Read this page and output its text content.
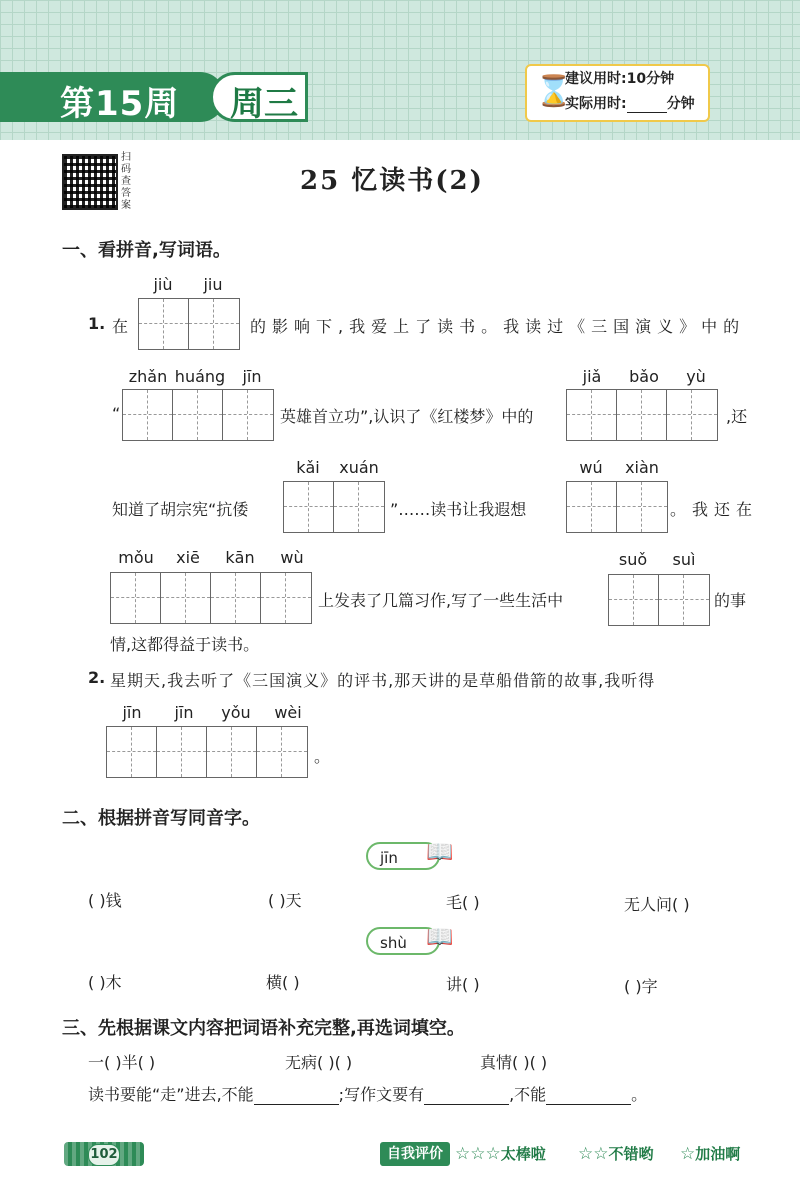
第15周 周三	⌛
建议用时:10分钟
实际用时:	分钟
扫码查答案
25 忆读书(2)
一、看拼音,写词语。
1. 在
jiù	jiu
的影响下,我爱上了读书。我读过《三国演义》中的
“
zhǎn huáng	jīn
英雄首立功”,认识了《红楼梦》中的
jiǎ	bǎo	yù
,还
知道了胡宗宪“抗倭
kǎi	xuán
”……读书让我遐想
wú	xiàn
。我还在
mǒu	xiē	kān	wù
上发表了几篇习作,写了一些生活中
suǒ	suì
的事
情,这都得益于读书。
2. 星期天,我去听了《三国演义》的评书,那天讲的是草船借箭的故事,我听得
jīn	jīn	yǒu	wèi
。
二、根据拼音写同音字。
jīn	📖
( )钱	( )天	毛( )	无人问( )
shù 📖
( )木	横( )	讲( )	( )字
三、先根据课文内容把词语补充完整,再选词填空。
一( )半( )	无病( )( )	真情( )( )
读书要能“走”进去,不能	;写作文要有	,不能	。
102	自我评价 ☆☆☆太棒啦 ☆☆不错哟 ☆加油啊
